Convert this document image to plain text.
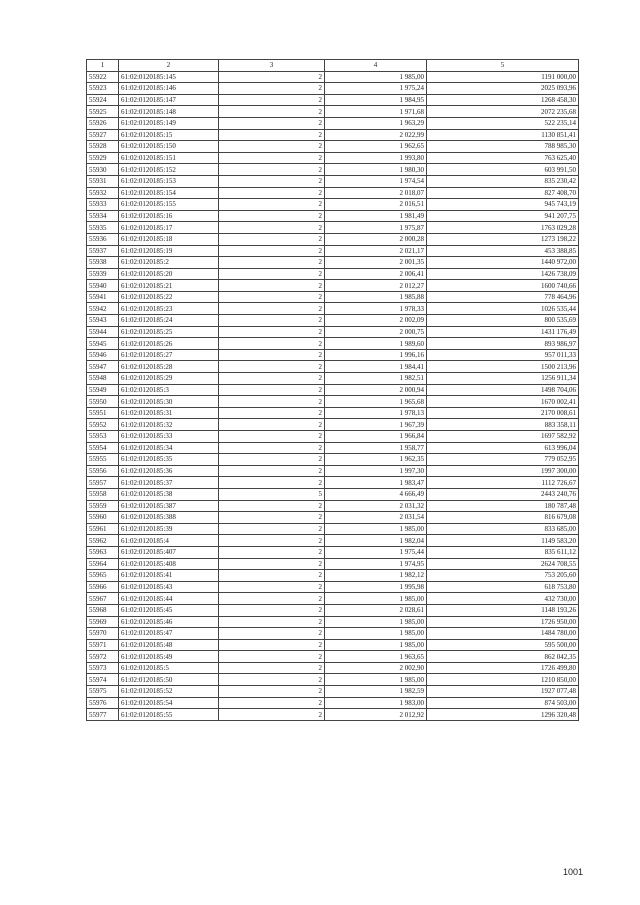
1	2	3	4	5
55922	61:02:0120185:145	2	1 985,00	1191 000,00
55923	61:02:0120185:146	2	1 975,24	2025 093,96
55924	61:02:0120185:147	2	1 984,95	1268 458,30
55925	61:02:0120185:148	2	1 971,68	2072 235,68
55926	61:02:0120185:149	2	1 963,29	522 235,14
55927	61:02:0120185:15	2	2 022,99	1130 851,41
55928	61:02:0120185:150	2	1 962,65	788 985,30
55929	61:02:0120185:151	2	1 993,80	763 625,40
55930	61:02:0120185:152	2	1 980,30	603 991,50
55931	61:02:0120185:153	2	1 974,54	835 230,42
55932	61:02:0120185:154	2	2 018,07	827 408,70
55933	61:02:0120185:155	2	2 016,51	945 743,19
55934	61:02:0120185:16	2	1 981,49	941 207,75
55935	61:02:0120185:17	2	1 975,87	1763 029,28
55936	61:02:0120185:18	2	2 000,28	1273 198,22
55937	61:02:0120185:19	2	2 021,17	453 388,85
55938	61:02:0120185:2	2	2 001,35	1440 972,00
55939	61:02:0120185:20	2	2 006,41	1426 738,09
55940	61:02:0120185:21	2	2 012,27	1600 740,66
55941	61:02:0120185:22	2	1 985,88	778 464,96
55942	61:02:0120185:23	2	1 978,33	1026 535,44
55943	61:02:0120185:24	2	2 002,09	800 535,69
55944	61:02:0120185:25	2	2 000,75	1431 176,49
55945	61:02:0120185:26	2	1 989,60	893 986,97
55946	61:02:0120185:27	2	1 996,16	957 011,33
55947	61:02:0120185:28	2	1 984,41	1500 213,96
55948	61:02:0120185:29	2	1 982,51	1256 911,34
55949	61:02:0120185:3	2	2 000,94	1498 704,06
55950	61:02:0120185:30	2	1 965,68	1670 002,41
55951	61:02:0120185:31	2	1 978,13	2170 008,61
55952	61:02:0120185:32	2	1 967,39	883 358,11
55953	61:02:0120185:33	2	1 966,84	1697 582,92
55954	61:02:0120185:34	2	1 958,77	613 996,04
55955	61:02:0120185:35	2	1 962,35	779 052,95
55956	61:02:0120185:36	2	1 997,30	1997 300,00
55957	61:02:0120185:37	2	1 983,47	1112 726,67
55958	61:02:0120185:38	5	4 666,49	2443 240,76
55959	61:02:0120185:387	2	2 031,32	180 787,48
55960	61:02:0120185:388	2	2 031,54	816 679,08
55961	61:02:0120185:39	2	1 985,00	833 685,00
55962	61:02:0120185:4	2	1 982,04	1149 583,20
55963	61:02:0120185:407	2	1 975,44	835 611,12
55964	61:02:0120185:408	2	1 974,95	2624 708,55
55965	61:02:0120185:41	2	1 982,12	753 205,60
55966	61:02:0120185:43	2	1 995,98	618 753,80
55967	61:02:0120185:44	2	1 985,00	432 730,00
55968	61:02:0120185:45	2	2 028,61	1148 193,26
55969	61:02:0120185:46	2	1 985,00	1726 950,00
55970	61:02:0120185:47	2	1 985,00	1484 780,00
55971	61:02:0120185:48	2	1 985,00	595 500,00
55972	61:02:0120185:49	2	1 963,65	862 042,35
55973	61:02:0120185:5	2	2 002,90	1726 499,80
55974	61:02:0120185:50	2	1 985,00	1210 850,00
55975	61:02:0120185:52	2	1 982,59	1927 077,48
55976	61:02:0120185:54	2	1 983,00	874 503,00
55977	61:02:0120185:55	2	2 012,92	1296 320,48
1001
